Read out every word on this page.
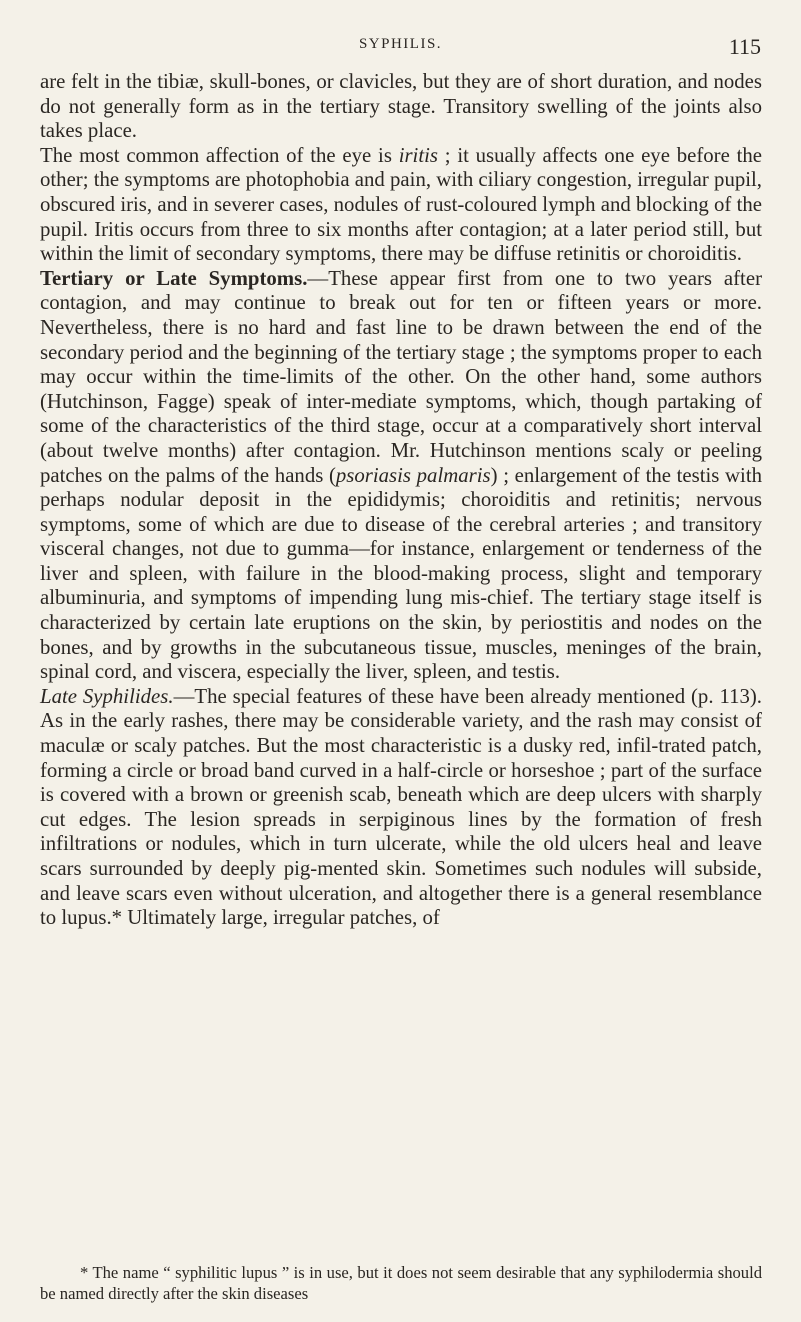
SYPHILIS.	115

are felt in the tibiæ, skull-bones, or clavicles, but they are of short duration, and nodes do not generally form as in the tertiary stage. Transitory swelling of the joints also takes place.

The most common affection of the eye is iritis ; it usually affects one eye before the other; the symptoms are photophobia and pain, with ciliary congestion, irregular pupil, obscured iris, and in severer cases, nodules of rust-coloured lymph and blocking of the pupil. Iritis occurs from three to six months after contagion; at a later period still, but within the limit of secondary symptoms, there may be diffuse retinitis or choroiditis.

Tertiary or Late Symptoms.—These appear first from one to two years after contagion, and may continue to break out for ten or fifteen years or more. Nevertheless, there is no hard and fast line to be drawn between the end of the secondary period and the beginning of the tertiary stage ; the symptoms proper to each may occur within the time-limits of the other. On the other hand, some authors (Hutchinson, Fagge) speak of inter-mediate symptoms, which, though partaking of some of the characteristics of the third stage, occur at a comparatively short interval (about twelve months) after contagion. Mr. Hutchinson mentions scaly or peeling patches on the palms of the hands (psoriasis palmaris) ; enlargement of the testis with perhaps nodular deposit in the epididymis; choroiditis and retinitis; nervous symptoms, some of which are due to disease of the cerebral arteries ; and transitory visceral changes, not due to gumma—for instance, enlargement or tenderness of the liver and spleen, with failure in the blood-making process, slight and temporary albuminuria, and symptoms of impending lung mis-chief. The tertiary stage itself is characterized by certain late eruptions on the skin, by periostitis and nodes on the bones, and by growths in the subcutaneous tissue, muscles, meninges of the brain, spinal cord, and viscera, especially the liver, spleen, and testis.

Late Syphilides.—The special features of these have been already mentioned (p. 113). As in the early rashes, there may be considerable variety, and the rash may consist of maculæ or scaly patches. But the most characteristic is a dusky red, infil-trated patch, forming a circle or broad band curved in a half-circle or horseshoe ; part of the surface is covered with a brown or greenish scab, beneath which are deep ulcers with sharply cut edges. The lesion spreads in serpiginous lines by the formation of fresh infiltrations or nodules, which in turn ulcerate, while the old ulcers heal and leave scars surrounded by deeply pig-mented skin. Sometimes such nodules will subside, and leave scars even without ulceration, and altogether there is a general resemblance to lupus.* Ultimately large, irregular patches, of

* The name “ syphilitic lupus ” is in use, but it does not seem desirable that any syphilodermia should be named directly after the skin diseases
